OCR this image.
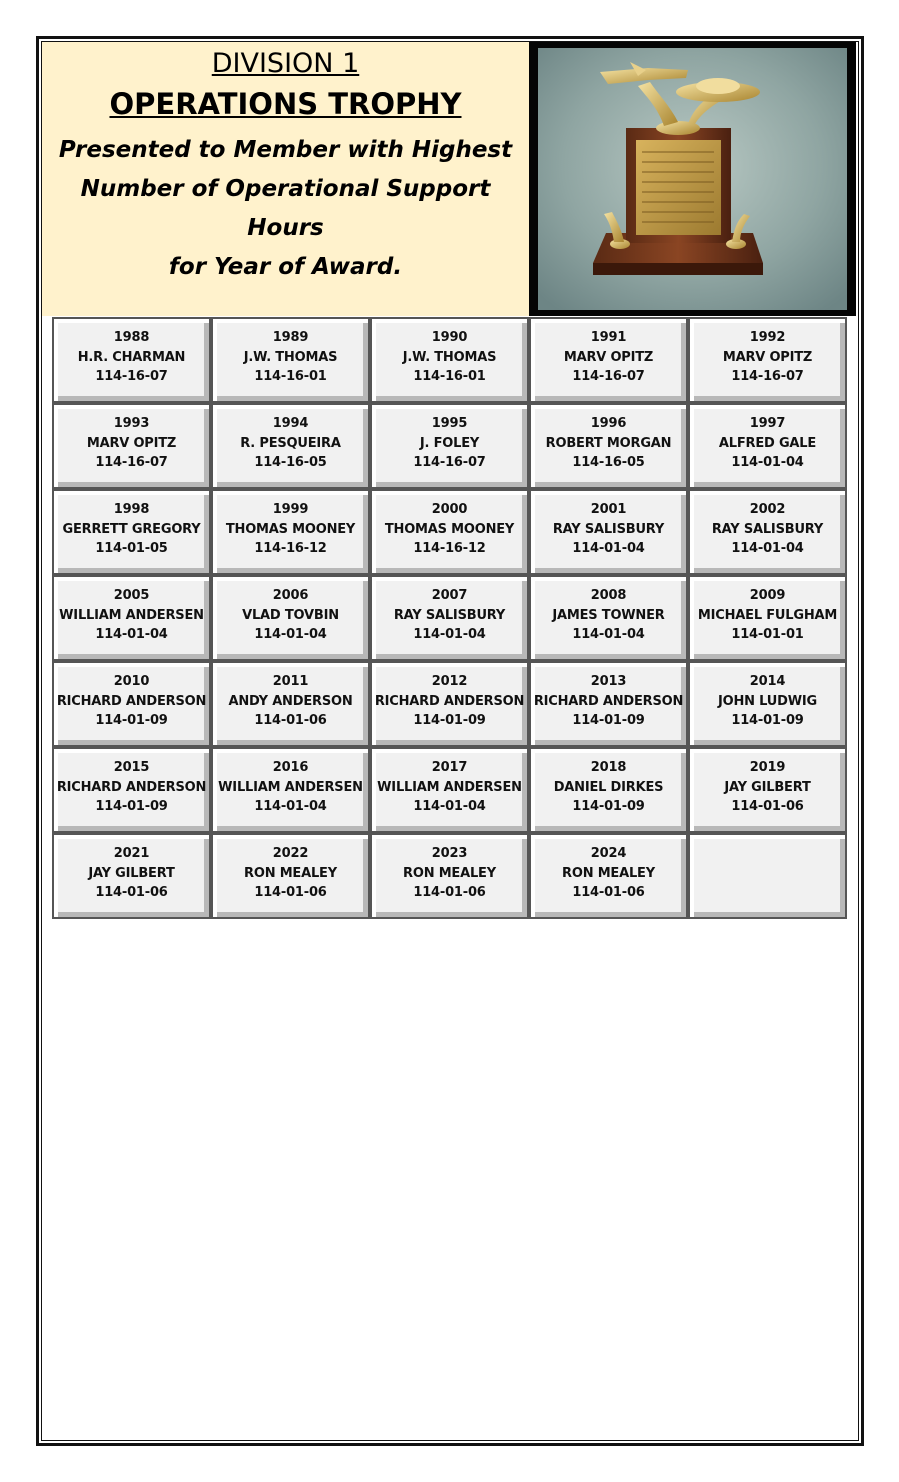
DIVISION 1
OPERATIONS TROPHY
Presented to Member with Highest
Number of Operational Support Hours
for Year of Award.
1988
H.R. CHARMAN
114-16-07
1989
J.W. THOMAS
114-16-01
1990
J.W. THOMAS
114-16-01
1991
MARV OPITZ
114-16-07
1992
MARV OPITZ
114-16-07
1993
MARV OPITZ
114-16-07
1994
R. PESQUEIRA
114-16-05
1995
J. FOLEY
114-16-07
1996
ROBERT MORGAN
114-16-05
1997
ALFRED GALE
114-01-04
1998
GERRETT GREGORY
114-01-05
1999
THOMAS MOONEY
114-16-12
2000
THOMAS MOONEY
114-16-12
2001
RAY SALISBURY
114-01-04
2002
RAY SALISBURY
114-01-04
2005
WILLIAM ANDERSEN
114-01-04
2006
VLAD TOVBIN
114-01-04
2007
RAY SALISBURY
114-01-04
2008
JAMES TOWNER
114-01-04
2009
MICHAEL FULGHAM
114-01-01
2010
RICHARD ANDERSON
114-01-09
2011
ANDY ANDERSON
114-01-06
2012
RICHARD ANDERSON
114-01-09
2013
RICHARD ANDERSON
114-01-09
2014
JOHN LUDWIG
114-01-09
2015
RICHARD ANDERSON
114-01-09
2016
WILLIAM ANDERSEN
114-01-04
2017
WILLIAM ANDERSEN
114-01-04
2018
DANIEL DIRKES
114-01-09
2019
JAY GILBERT
114-01-06
2021
JAY GILBERT
114-01-06
2022
RON MEALEY
114-01-06
2023
RON MEALEY
114-01-06
2024
RON MEALEY
114-01-06
